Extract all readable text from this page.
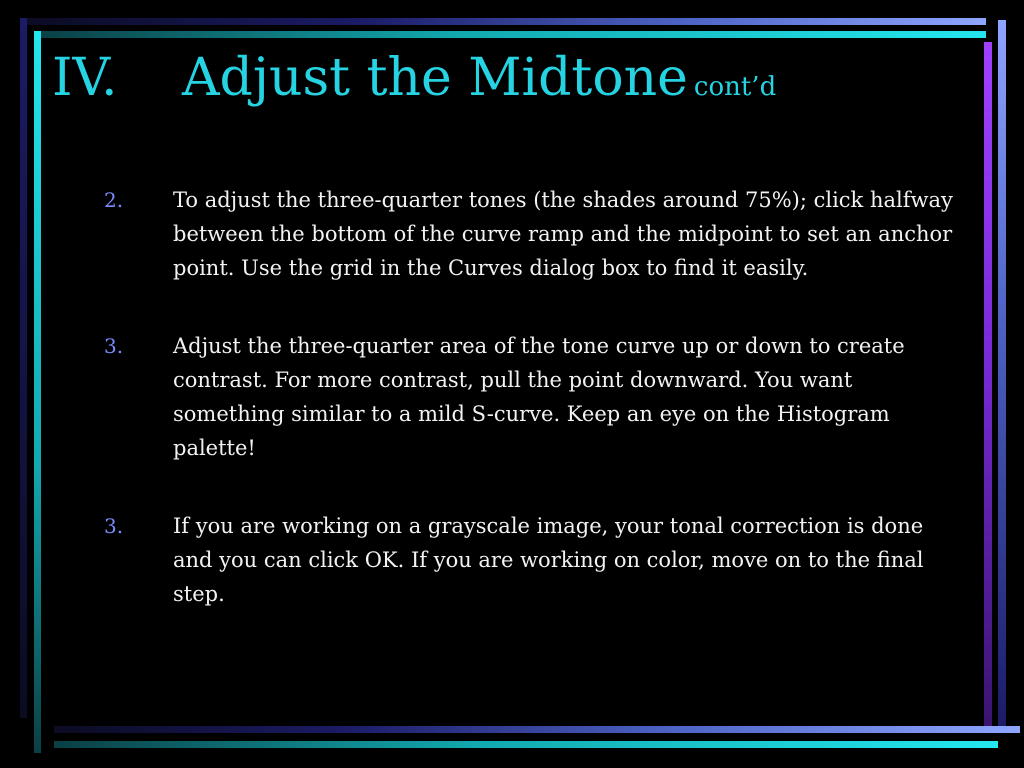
IV. Adjust the Midtone cont’d
2.	To adjust the three-quarter tones (the shades around 75%); click halfway between the bottom of the curve ramp and the midpoint to set an anchor point. Use the grid in the Curves dialog box to find it easily.
3.	Adjust the three-quarter area of the tone curve up or down to create contrast. For more contrast, pull the point downward. You want something similar to a mild S-curve. Keep an eye on the Histogram palette!
3.	If you are working on a grayscale image, your tonal correction is done and you can click OK. If you are working on color, move on to the final step.
